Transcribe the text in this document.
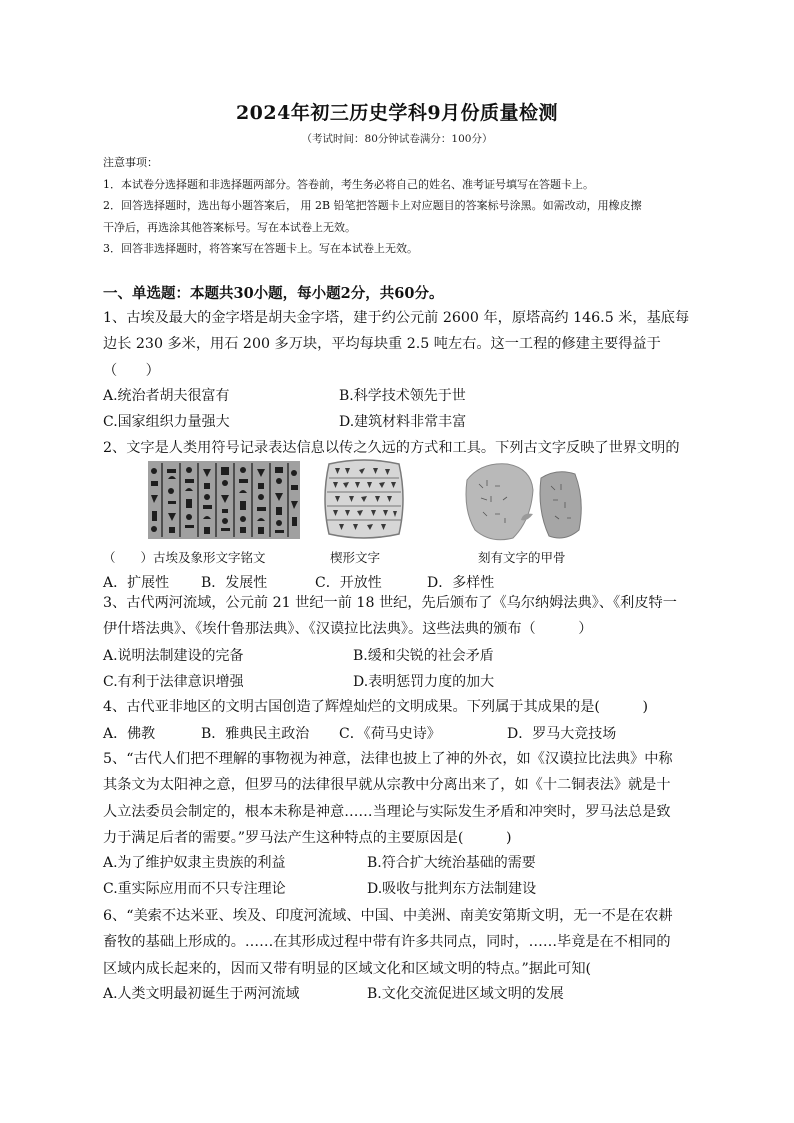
2024年初三历史学科9月份质量检测
（考试时间：80分钟试卷满分：100分）
注意事项：
1．本试卷分选择题和非选择题两部分。答卷前，考生务必将自己的姓名、准考证号填写在答题卡上。
2．回答选择题时，选出每小题答案后， 用 2B 铅笔把答题卡上对应题目的答案标号涂黑。如需改动，用橡皮擦
干净后，再选涂其他答案标号。写在本试卷上无效。
3．回答非选择题时，将答案写在答题卡上。写在本试卷上无效。
一、单选题：本题共30小题，每小题2分，共60分。
1、古埃及最大的金字塔是胡夫金字塔，建于约公元前 2600 年，原塔高约 146.5 米，基底每
边长 230 多米，用石 200 多万块，平均每块重 2.5 吨左右。这一工程的修建主要得益于
（　　）
A.统治者胡夫很富有	B.科学技术领先于世
C.国家组织力量强大	D.建筑材料非常丰富
2、文字是人类用符号记录表达信息以传之久远的方式和工具。下列古文字反映了世界文明的
（　　）古埃及象形文字铭文	楔形文字	刻有文字的甲骨
A．扩展性 B．发展性	C．开放性	D．多样性
3、古代两河流域，公元前 21 世纪一前 18 世纪，先后颁布了《乌尔纳姆法典》、《利皮特一
伊什塔法典》、《埃什鲁那法典》、《汉谟拉比法典》。这些法典的颁布（　　　）
A.说明法制建设的完备	B.缓和尖锐的社会矛盾
C.有利于法律意识增强	D.表明惩罚力度的加大
4、古代亚非地区的文明古国创造了辉煌灿烂的文明成果。下列属于其成果的是(　　　)
A．佛教	B．雅典民主政治 C．《荷马史诗》	D．罗马大竞技场
5、“古代人们把不理解的事物视为神意，法律也披上了神的外衣，如《汉谟拉比法典》中称
其条文为太阳神之意，但罗马的法律很早就从宗教中分离出来了，如《十二铜表法》就是十
人立法委员会制定的，根本未称是神意……当理论与实际发生矛盾和冲突时，罗马法总是致
力于满足后者的需要。”罗马法产生这种特点的主要原因是(　　　)
A.为了维护奴隶主贵族的利益	B.符合扩大统治基础的需要
C.重实际应用而不只专注理论	D.吸收与批判东方法制建设
6、“美索不达米亚、埃及、印度河流域、中国、中美洲、南美安第斯文明，无一不是在农耕
畜牧的基础上形成的。……在其形成过程中带有许多共同点，同时，……毕竟是在不相同的
区域内成长起来的，因而又带有明显的区域文化和区域文明的特点。”据此可知(　
A.人类文明最初诞生于两河流域	B.文化交流促进区域文明的发展
